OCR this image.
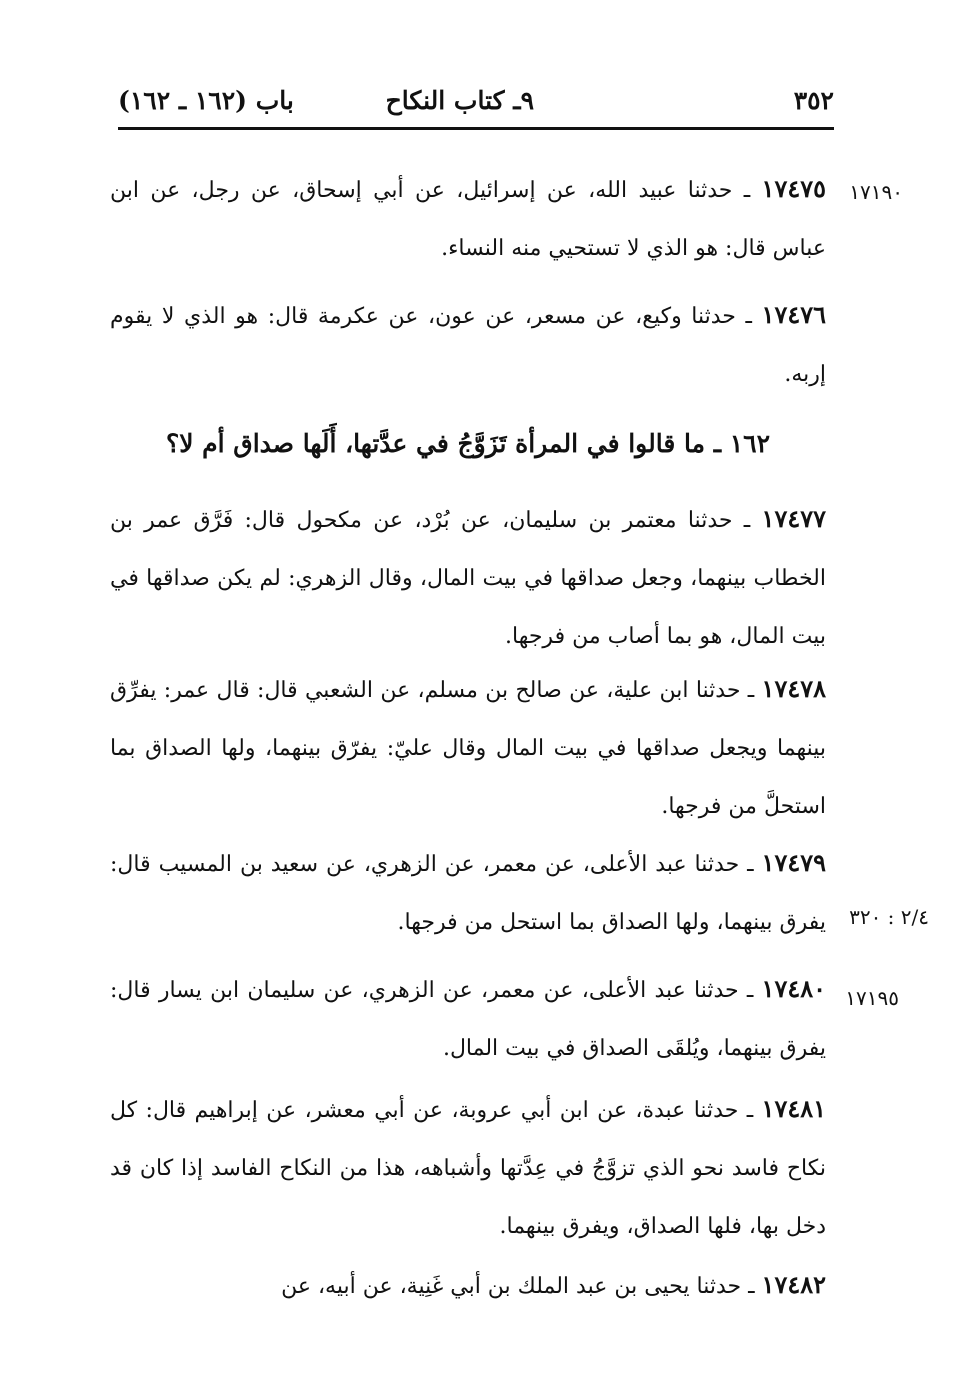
٣٥٢
٩ـ كتاب النكاح
باب (١٦٢ ـ ١٦٢)
١٧١٩٠
٢/٤ : ٣٢٠
١٧١٩٥

١٧٤٧٥ ـ حدثنا عبيد الله، عن إسرائيل، عن أبي إسحاق، عن رجل، عن ابن عباس قال: هو الذي لا تستحيي منه النساء.

١٧٤٧٦ ـ حدثنا وكيع، عن مسعر، عن عون، عن عكرمة قال: هو الذي لا يقوم إربه.

١٦٢ ـ ما قالوا في المرأة تَزَوَّجُ في عدَّتها، أَلَها صداق أم لا؟

١٧٤٧٧ ـ حدثنا معتمر بن سليمان، عن بُرْد، عن مكحول قال: فَرَّق عمر بن الخطاب بينهما، وجعل صداقها في بيت المال، وقال الزهري: لم يكن صداقها في بيت المال، هو بما أصاب من فرجها.

١٧٤٧٨ ـ حدثنا ابن علية، عن صالح بن مسلم، عن الشعبي قال: قال عمر: يفرِّق بينهما ويجعل صداقها في بيت المال وقال عليّ: يفرّق بينهما، ولها الصداق بما استحلَّ من فرجها.

١٧٤٧٩ ـ حدثنا عبد الأعلى، عن معمر، عن الزهري، عن سعيد بن المسيب قال: يفرق بينهما، ولها الصداق بما استحل من فرجها.

١٧٤٨٠ ـ حدثنا عبد الأعلى، عن معمر، عن الزهري، عن سليمان ابن يسار قال: يفرق بينهما، ويُلقَى الصداق في بيت المال.

١٧٤٨١ ـ حدثنا عبدة، عن ابن أبي عروبة، عن أبي معشر، عن إبراهيم قال: كل نكاح فاسد نحو الذي تزوَّجُ في عِدَّتها وأشباهه، هذا من النكاح الفاسد إذا كان قد دخل بها، فلها الصداق، ويفرق بينهما.

١٧٤٨٢ ـ حدثنا يحيى بن عبد الملك بن أبي غَنِية، عن أبيه، عن
